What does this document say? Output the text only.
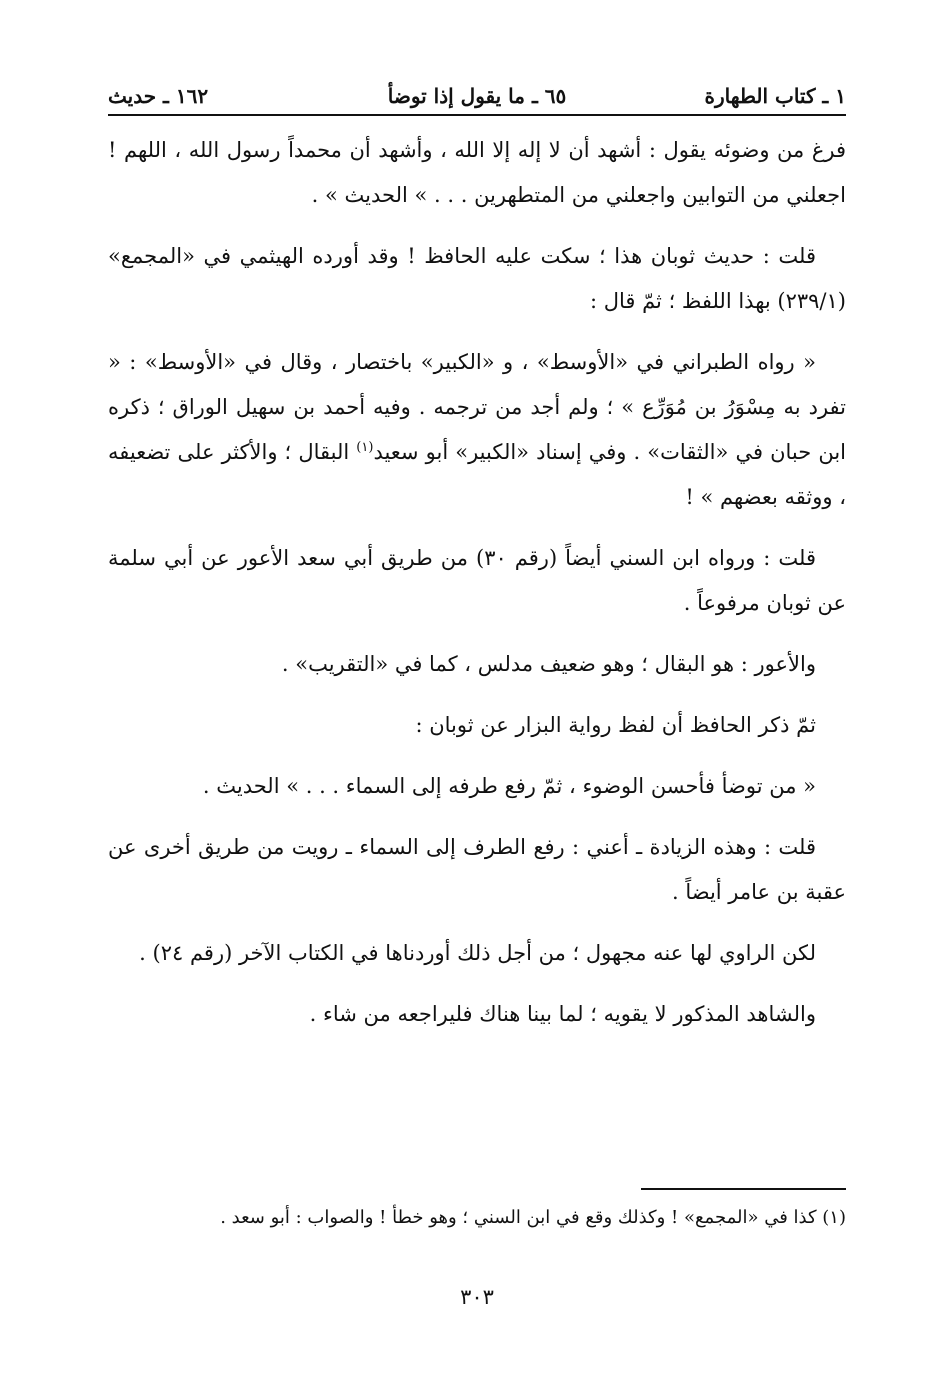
١ ـ كتاب الطهارة
٦٥ ـ ما يقول إذا توضأ
١٦٢ ـ حديث

فرغ من وضوئه يقول : أشهد أن لا إله إلا الله ، وأشهد أن محمداً رسول الله ، اللهم ! اجعلني من التوابين واجعلني من المتطهرين . . . » الحديث » .

قلت : حديث ثوبان هذا ؛ سكت عليه الحافظ ! وقد أورده الهيثمي في «المجمع» (٢٣٩/١) بهذا اللفظ ؛ ثمّ قال :

« رواه الطبراني في «الأوسط» ، و «الكبير» باختصار ، وقال في «الأوسط» : « تفرد به مِسْوَرُ بن مُوَرِّع » ؛ ولم أجد من ترجمه . وفيه أحمد بن سهيل الوراق ؛ ذكره ابن حبان في «الثقات» . وفي إسناد «الكبير» أبو سعيد$^{(١)}$ البقال ؛ والأكثر على تضعيفه ، ووثقه بعضهم » !

قلت : ورواه ابن السني أيضاً (رقم ٣٠) من طريق أبي سعد الأعور عن أبي سلمة عن ثوبان مرفوعاً .

والأعور : هو البقال ؛ وهو ضعيف مدلس ، كما في «التقريب» .

ثمّ ذكر الحافظ أن لفظ رواية البزار عن ثوبان :

« من توضأ فأحسن الوضوء ، ثمّ رفع طرفه إلى السماء . . . » الحديث .

قلت : وهذه الزيادة ـ أعني : رفع الطرف إلى السماء ـ رويت من طريق أخرى عن عقبة بن عامر أيضاً .

لكن الراوي لها عنه مجهول ؛ من أجل ذلك أوردناها في الكتاب الآخر (رقم ٢٤) .

والشاهد المذكور لا يقويه ؛ لما بينا هناك فليراجعه من شاء .

(١) كذا في «المجمع» ! وكذلك وقع في ابن السني ؛ وهو خطأ ! والصواب : أبو سعد .
٣٠٣
